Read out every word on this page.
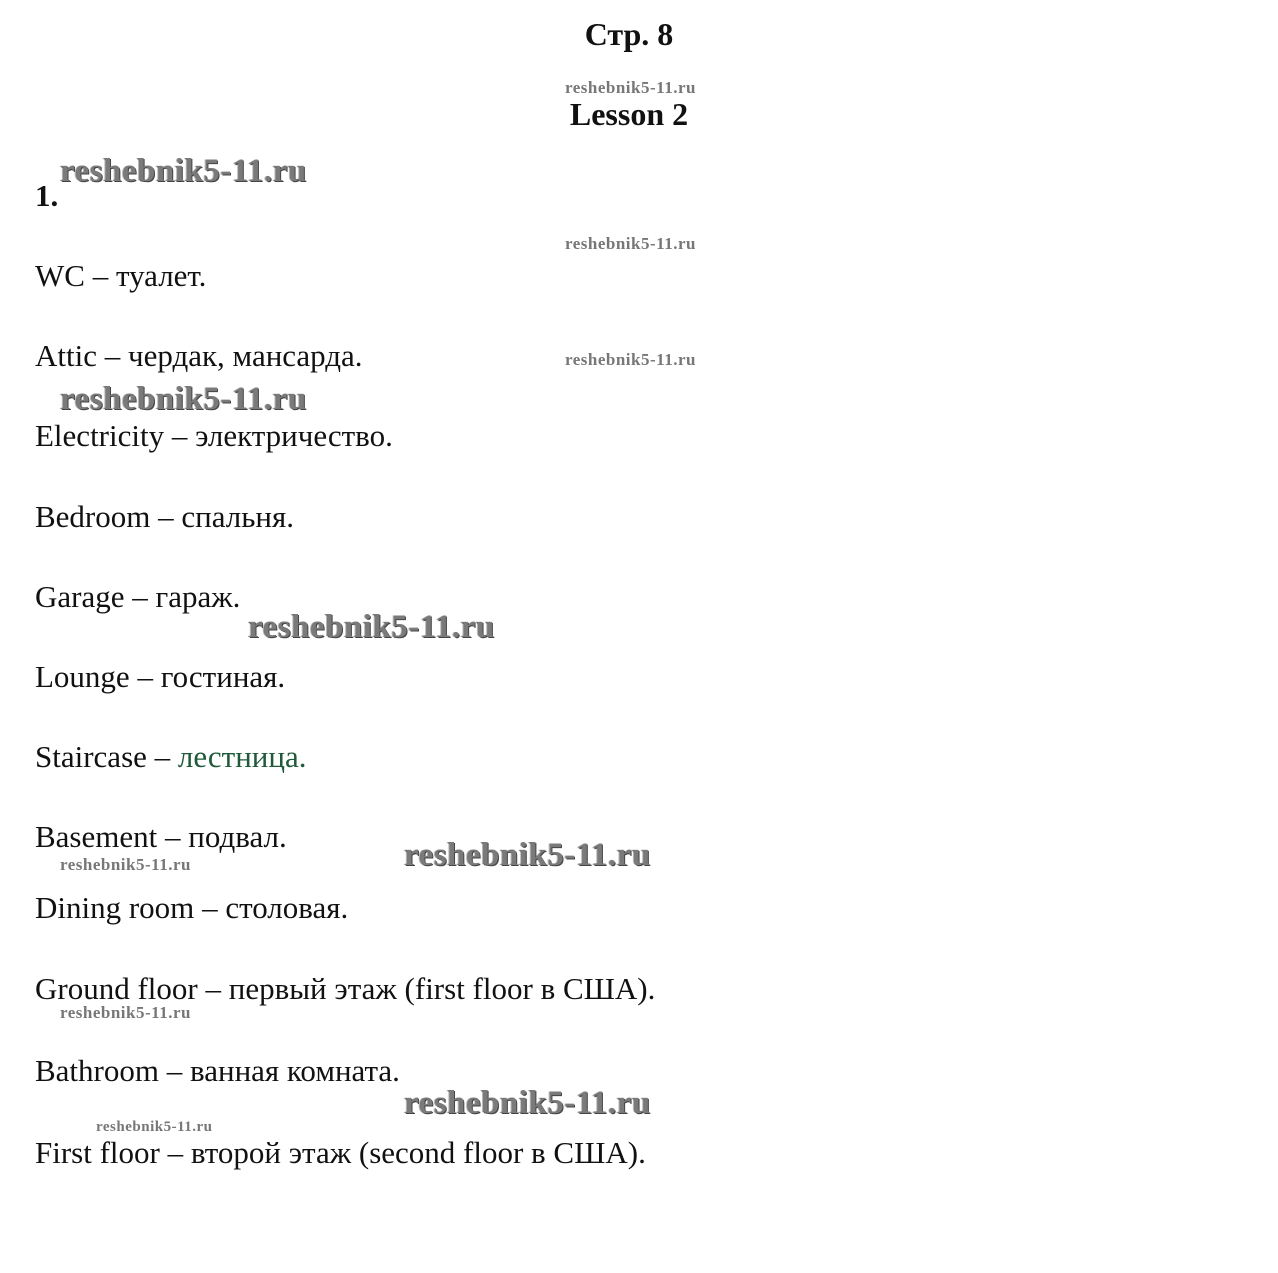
Стр. 8
Lesson 2
1.
WC – туалет.
Attic – чердак, мансарда.
Electricity – электричество.
Bedroom – спальня.
Garage – гараж.
Lounge – гостиная.
Staircase – лестница.
Basement – подвал.
Dining room – столовая.
Ground floor – первый этаж (first floor в США).
Bathroom – ванная комната.
First floor – второй этаж (second floor в США).
reshebnik5-11.ru
reshebnik5-11.ru
reshebnik5-11.ru
reshebnik5-11.ru
reshebnik5-11.ru
reshebnik5-11.ru
reshebnik5-11.ru
reshebnik5-11.ru
reshebnik5-11.ru
reshebnik5-11.ru
reshebnik5-11.ru
